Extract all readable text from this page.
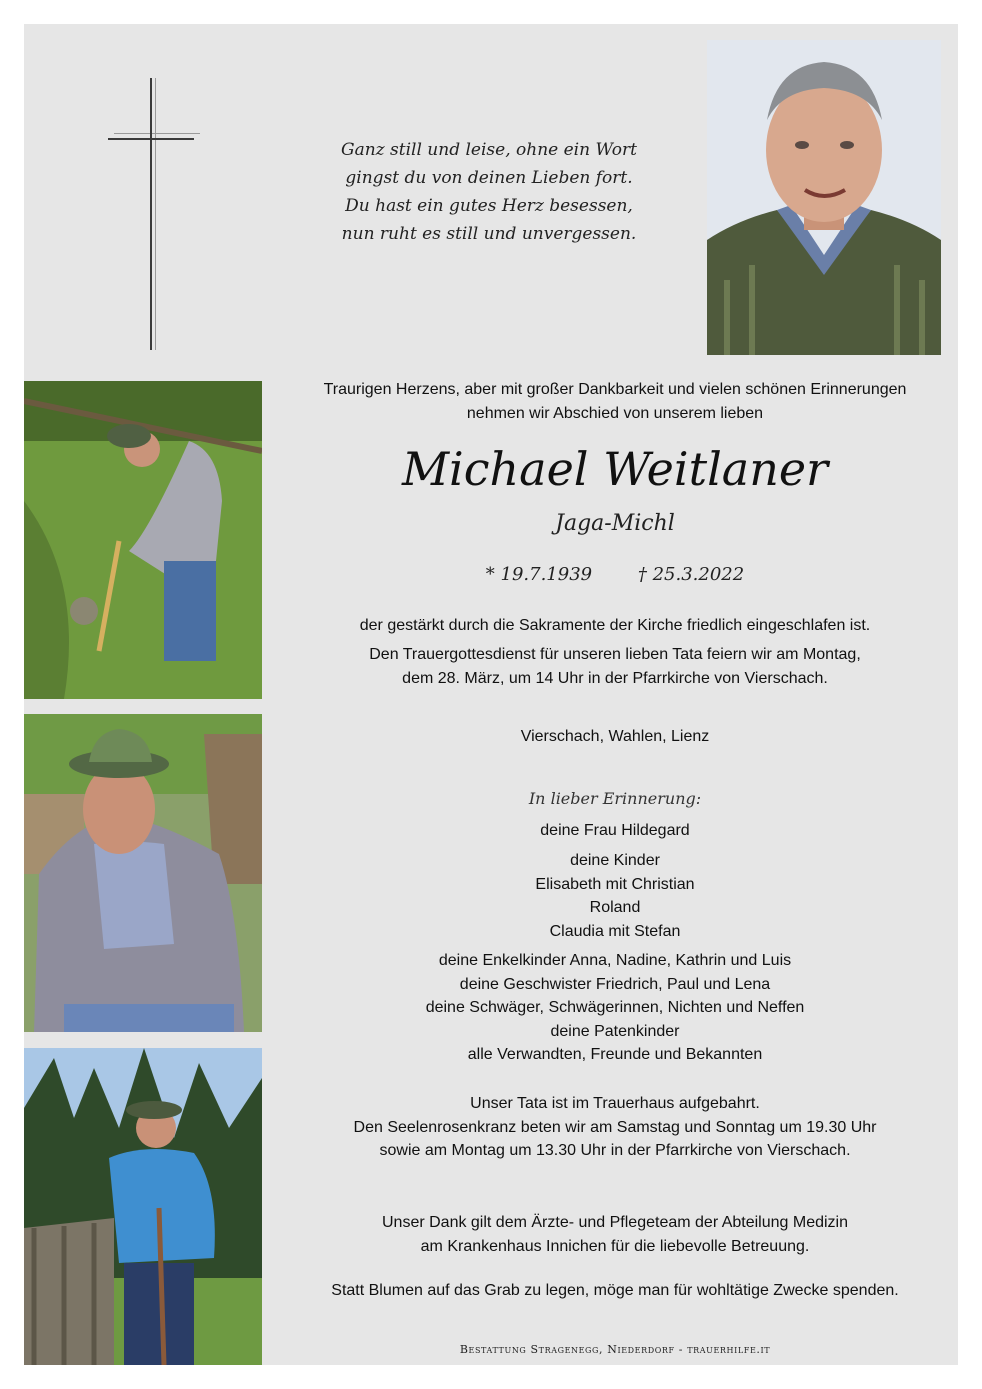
Ganz still und leise, ohne ein Wort
gingst du von deinen Lieben fort.
Du hast ein gutes Herz besessen,
nun ruht es still und unvergessen.
Traurigen Herzens, aber mit großer Dankbarkeit und vielen schönen Erinnerungen
nehmen wir Abschied von unserem lieben
Michael Weitlaner
Jaga-Michl
* 19.7.1939	† 25.3.2022
der gestärkt durch die Sakramente der Kirche friedlich eingeschlafen ist.
Den Trauergottesdienst für unseren lieben Tata feiern wir am Montag,
dem 28. März, um 14 Uhr in der Pfarrkirche von Vierschach.
Vierschach, Wahlen, Lienz
In lieber Erinnerung:
deine Frau Hildegard
deine Kinder
Elisabeth mit Christian
Roland
Claudia mit Stefan
deine Enkelkinder Anna, Nadine, Kathrin und Luis
deine Geschwister Friedrich, Paul und Lena
deine Schwäger, Schwägerinnen, Nichten und Neffen
deine Patenkinder
alle Verwandten, Freunde und Bekannten
Unser Tata ist im Trauerhaus aufgebahrt.
Den Seelenrosenkranz beten wir am Samstag und Sonntag um 19.30 Uhr
sowie am Montag um 13.30 Uhr in der Pfarrkirche von Vierschach.
Unser Dank gilt dem Ärzte- und Pflegeteam der Abteilung Medizin
am Krankenhaus Innichen für die liebevolle Betreuung.
Statt Blumen auf das Grab zu legen, möge man für wohltätige Zwecke spenden.
Bestattung Stragenegg, Niederdorf - trauerhilfe.it
